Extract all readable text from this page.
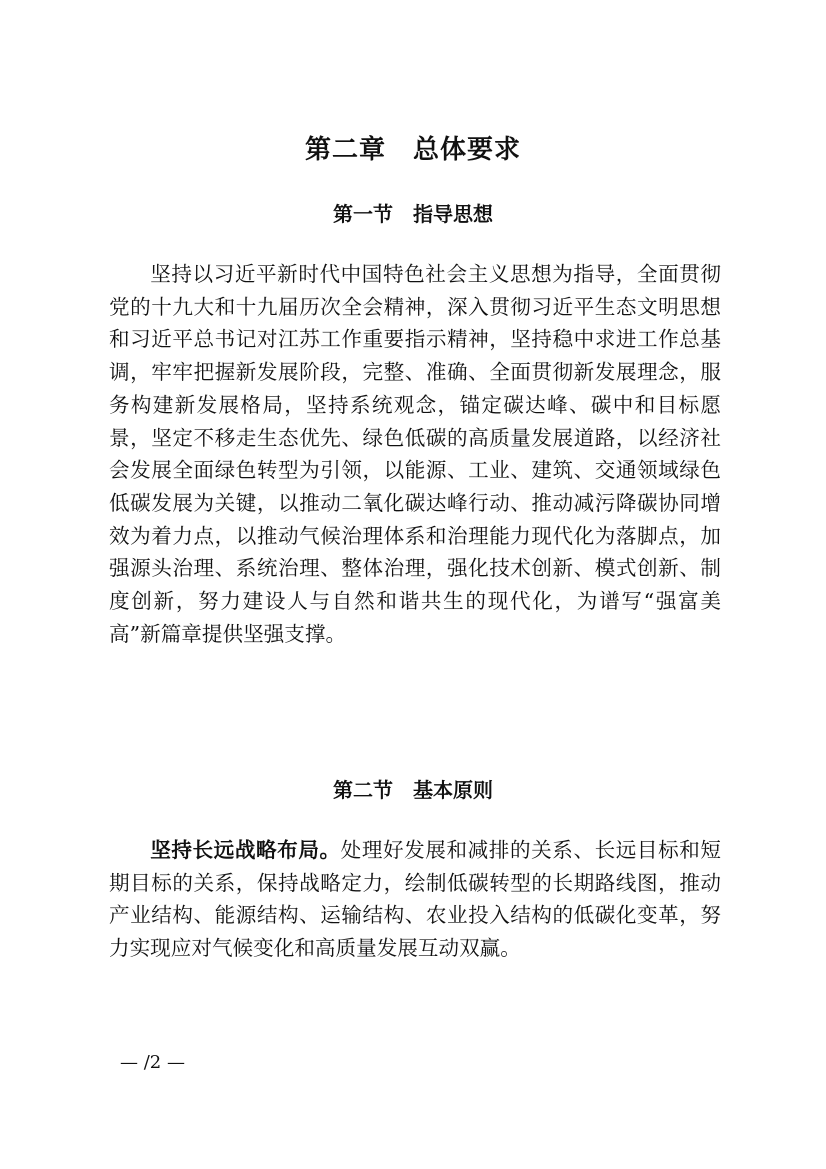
第二章　总体要求
第一节　指导思想

坚持以习近平新时代中国特色社会主义思想为指导，全面贯彻党的十九大和十九届历次全会精神，深入贯彻习近平生态文明思想和习近平总书记对江苏工作重要指示精神，坚持稳中求进工作总基调，牢牢把握新发展阶段，完整、准确、全面贯彻新发展理念，服务构建新发展格局，坚持系统观念，锚定碳达峰、碳中和目标愿景，坚定不移走生态优先、绿色低碳的高质量发展道路，以经济社会发展全面绿色转型为引领，以能源、工业、建筑、交通领域绿色低碳发展为关键，以推动二氧化碳达峰行动、推动减污降碳协同增效为着力点，以推动气候治理体系和治理能力现代化为落脚点，加强源头治理、系统治理、整体治理，强化技术创新、模式创新、制度创新，努力建设人与自然和谐共生的现代化，为谱写“强富美高”新篇章提供坚强支撑。

第二节　基本原则

坚持长远战略布局。处理好发展和减排的关系、长远目标和短期目标的关系，保持战略定力，绘制低碳转型的长期路线图，推动产业结构、能源结构、运输结构、农业投入结构的低碳化变革，努力实现应对气候变化和高质量发展互动双赢。

— /2 —
